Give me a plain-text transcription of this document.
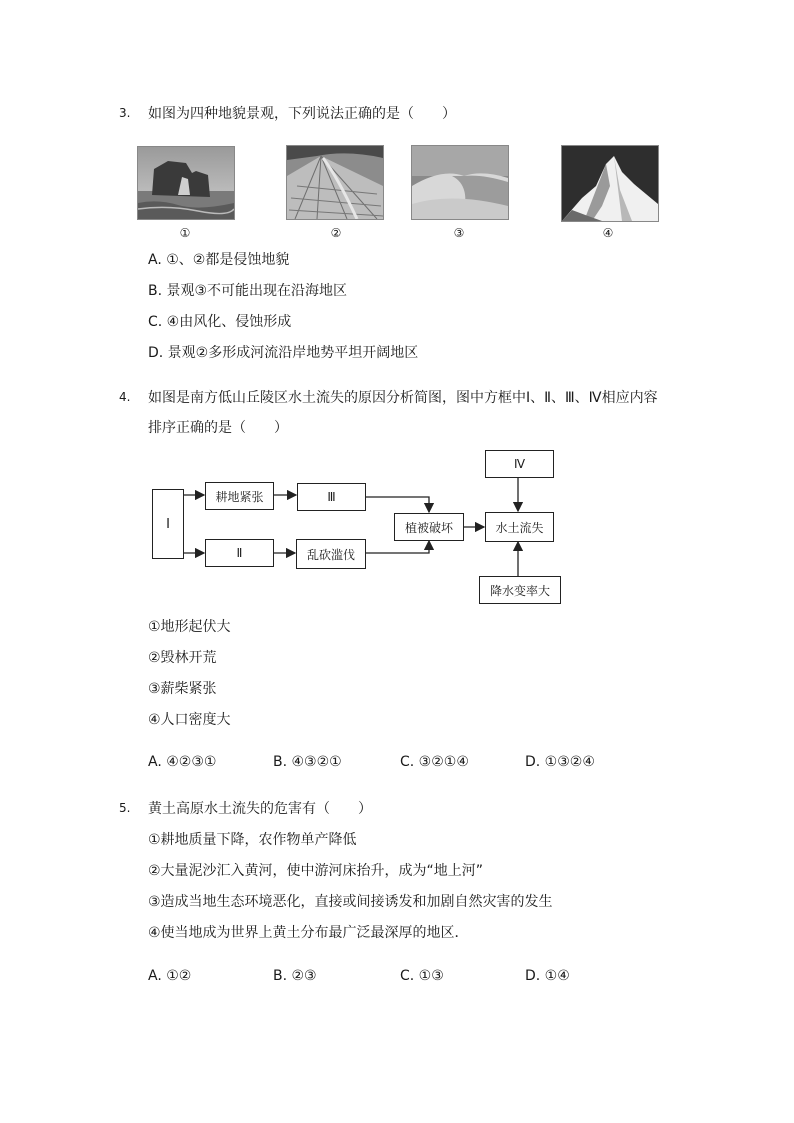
3. 如图为四种地貌景观，下列说法正确的是（　　）
①	②	③	④
A. ①、②都是侵蚀地貌
B. 景观③不可能出现在沿海地区
C. ④由风化、侵蚀形成
D. 景观②多形成河流沿岸地势平坦开阔地区
4. 如图是南方低山丘陵区水土流失的原因分析简图，图中方框中Ⅰ、Ⅱ、Ⅲ、Ⅳ相应内容
排序正确的是（　　）
Ⅰ
耕地紧张	Ⅲ
Ⅱ	乱砍滥伐
植被破坏	水土流失
Ⅳ
降水变率大
①地形起伏大
②毁林开荒
③薪柴紧张
④人口密度大
A. ④②③①	B. ④③②①	C. ③②①④	D. ①③②④
5. 黄土高原水土流失的危害有（　　）
①耕地质量下降，农作物单产降低
②大量泥沙汇入黄河，使中游河床抬升，成为“地上河”
③造成当地生态环境恶化，直接或间接诱发和加剧自然灾害的发生
④使当地成为世界上黄土分布最广泛最深厚的地区．
A. ①②	B. ②③	C. ①③	D. ①④
